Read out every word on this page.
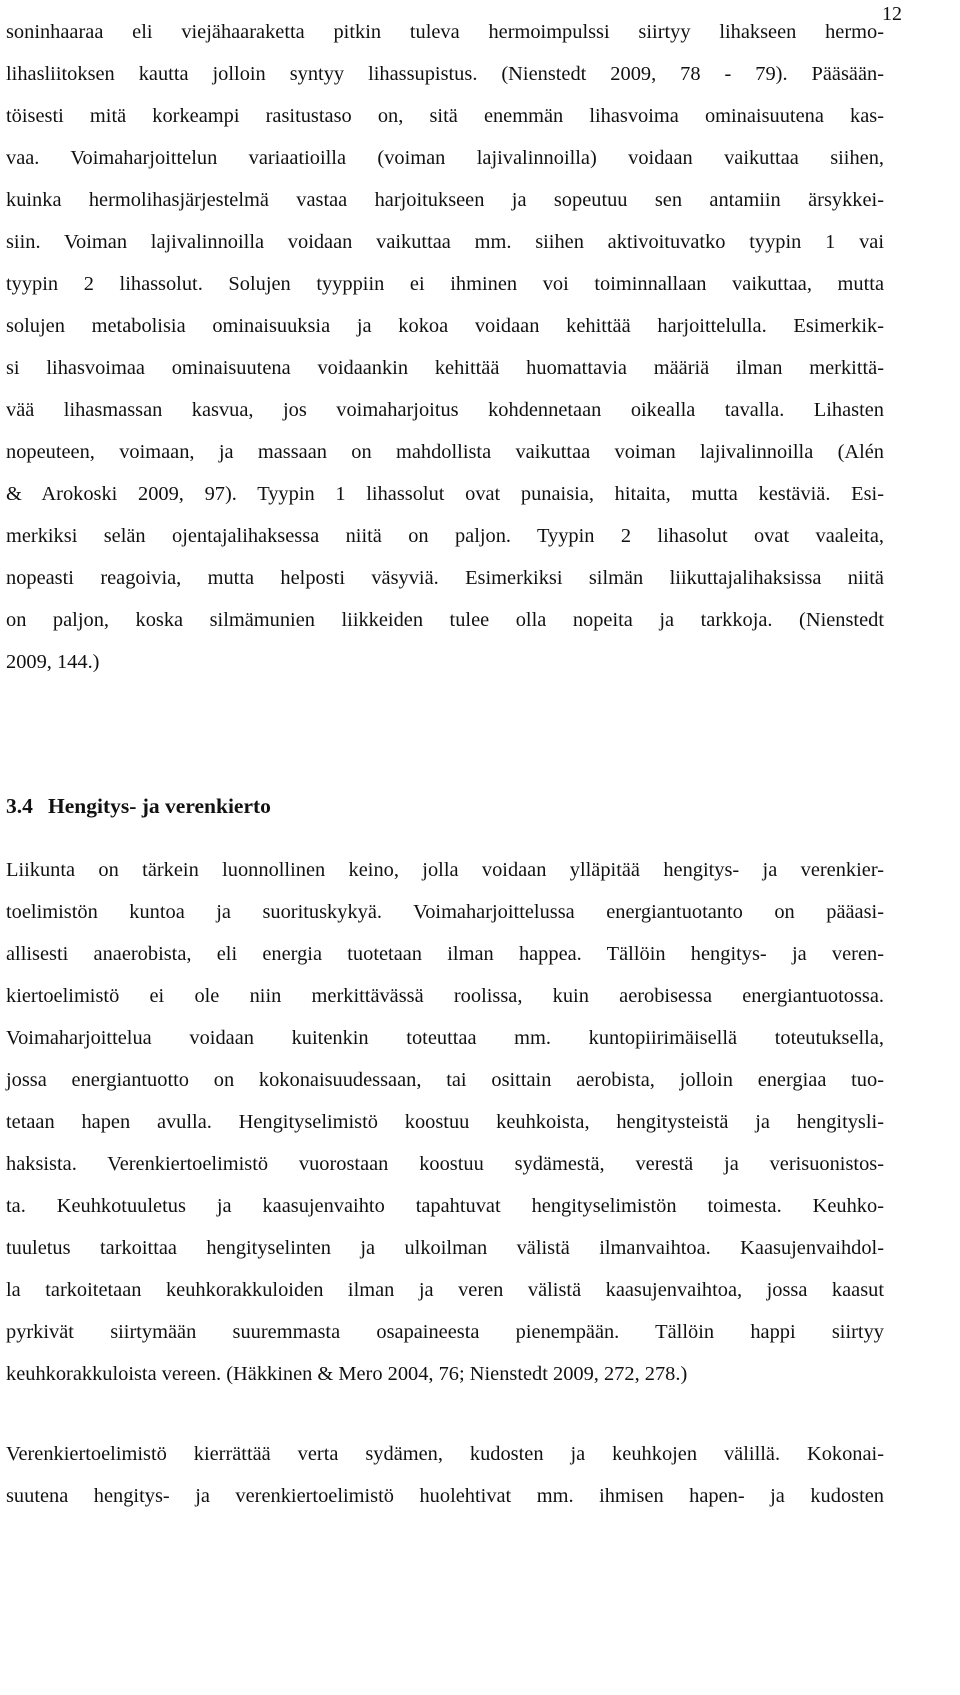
12
soninhaaraa eli viejähaaraketta pitkin tuleva hermoimpulssi siirtyy lihakseen hermo-
lihasliitoksen kautta jolloin syntyy lihassupistus. (Nienstedt 2009, 78 - 79). Pääsään-
töisesti mitä korkeampi rasitustaso on, sitä enemmän lihasvoima ominaisuutena kas-
vaa. Voimaharjoittelun variaatioilla (voiman lajivalinnoilla) voidaan vaikuttaa siihen,
kuinka hermolihasjärjestelmä vastaa harjoitukseen ja sopeutuu sen antamiin ärsykkei-
siin. Voiman lajivalinnoilla voidaan vaikuttaa mm. siihen aktivoituvatko tyypin 1 vai
tyypin 2 lihassolut. Solujen tyyppiin ei ihminen voi toiminnallaan vaikuttaa, mutta
solujen metabolisia ominaisuuksia ja kokoa voidaan kehittää harjoittelulla. Esimerkik-
si lihasvoimaa ominaisuutena voidaankin kehittää huomattavia määriä ilman merkittä-
vää lihasmassan kasvua, jos voimaharjoitus kohdennetaan oikealla tavalla. Lihasten
nopeuteen, voimaan, ja massaan on mahdollista vaikuttaa voiman lajivalinnoilla (Alén
& Arokoski 2009, 97). Tyypin 1 lihassolut ovat punaisia, hitaita, mutta kestäviä. Esi-
merkiksi selän ojentajalihaksessa niitä on paljon. Tyypin 2 lihasolut ovat vaaleita,
nopeasti reagoivia, mutta helposti väsyviä. Esimerkiksi silmän liikuttajalihaksissa niitä
on paljon, koska silmämunien liikkeiden tulee olla nopeita ja tarkkoja. (Nienstedt
2009, 144.)
3.4 Hengitys- ja verenkierto
Liikunta on tärkein luonnollinen keino, jolla voidaan ylläpitää hengitys- ja verenkier-
toelimistön kuntoa ja suorituskykyä. Voimaharjoittelussa energiantuotanto on pääasi-
allisesti anaerobista, eli energia tuotetaan ilman happea. Tällöin hengitys- ja veren-
kiertoelimistö ei ole niin merkittävässä roolissa, kuin aerobisessa energiantuotossa.
Voimaharjoittelua voidaan kuitenkin toteuttaa mm. kuntopiirimäisellä toteutuksella,
jossa energiantuotto on kokonaisuudessaan, tai osittain aerobista, jolloin energiaa tuo-
tetaan hapen avulla. Hengityselimistö koostuu keuhkoista, hengitysteistä ja hengitysli-
haksista. Verenkiertoelimistö vuorostaan koostuu sydämestä, verestä ja verisuonistos-
ta. Keuhkotuuletus ja kaasujenvaihto tapahtuvat hengityselimistön toimesta. Keuhko-
tuuletus tarkoittaa hengityselinten ja ulkoilman välistä ilmanvaihtoa. Kaasujenvaihdol-
la tarkoitetaan keuhkorakkuloiden ilman ja veren välistä kaasujenvaihtoa, jossa kaasut
pyrkivät siirtymään suuremmasta osapaineesta pienempään. Tällöin happi siirtyy
keuhkorakkuloista vereen. (Häkkinen & Mero 2004, 76; Nienstedt 2009, 272, 278.)
Verenkiertoelimistö kierrättää verta sydämen, kudosten ja keuhkojen välillä. Kokonai-
suutena hengitys- ja verenkiertoelimistö huolehtivat mm. ihmisen hapen- ja kudosten
